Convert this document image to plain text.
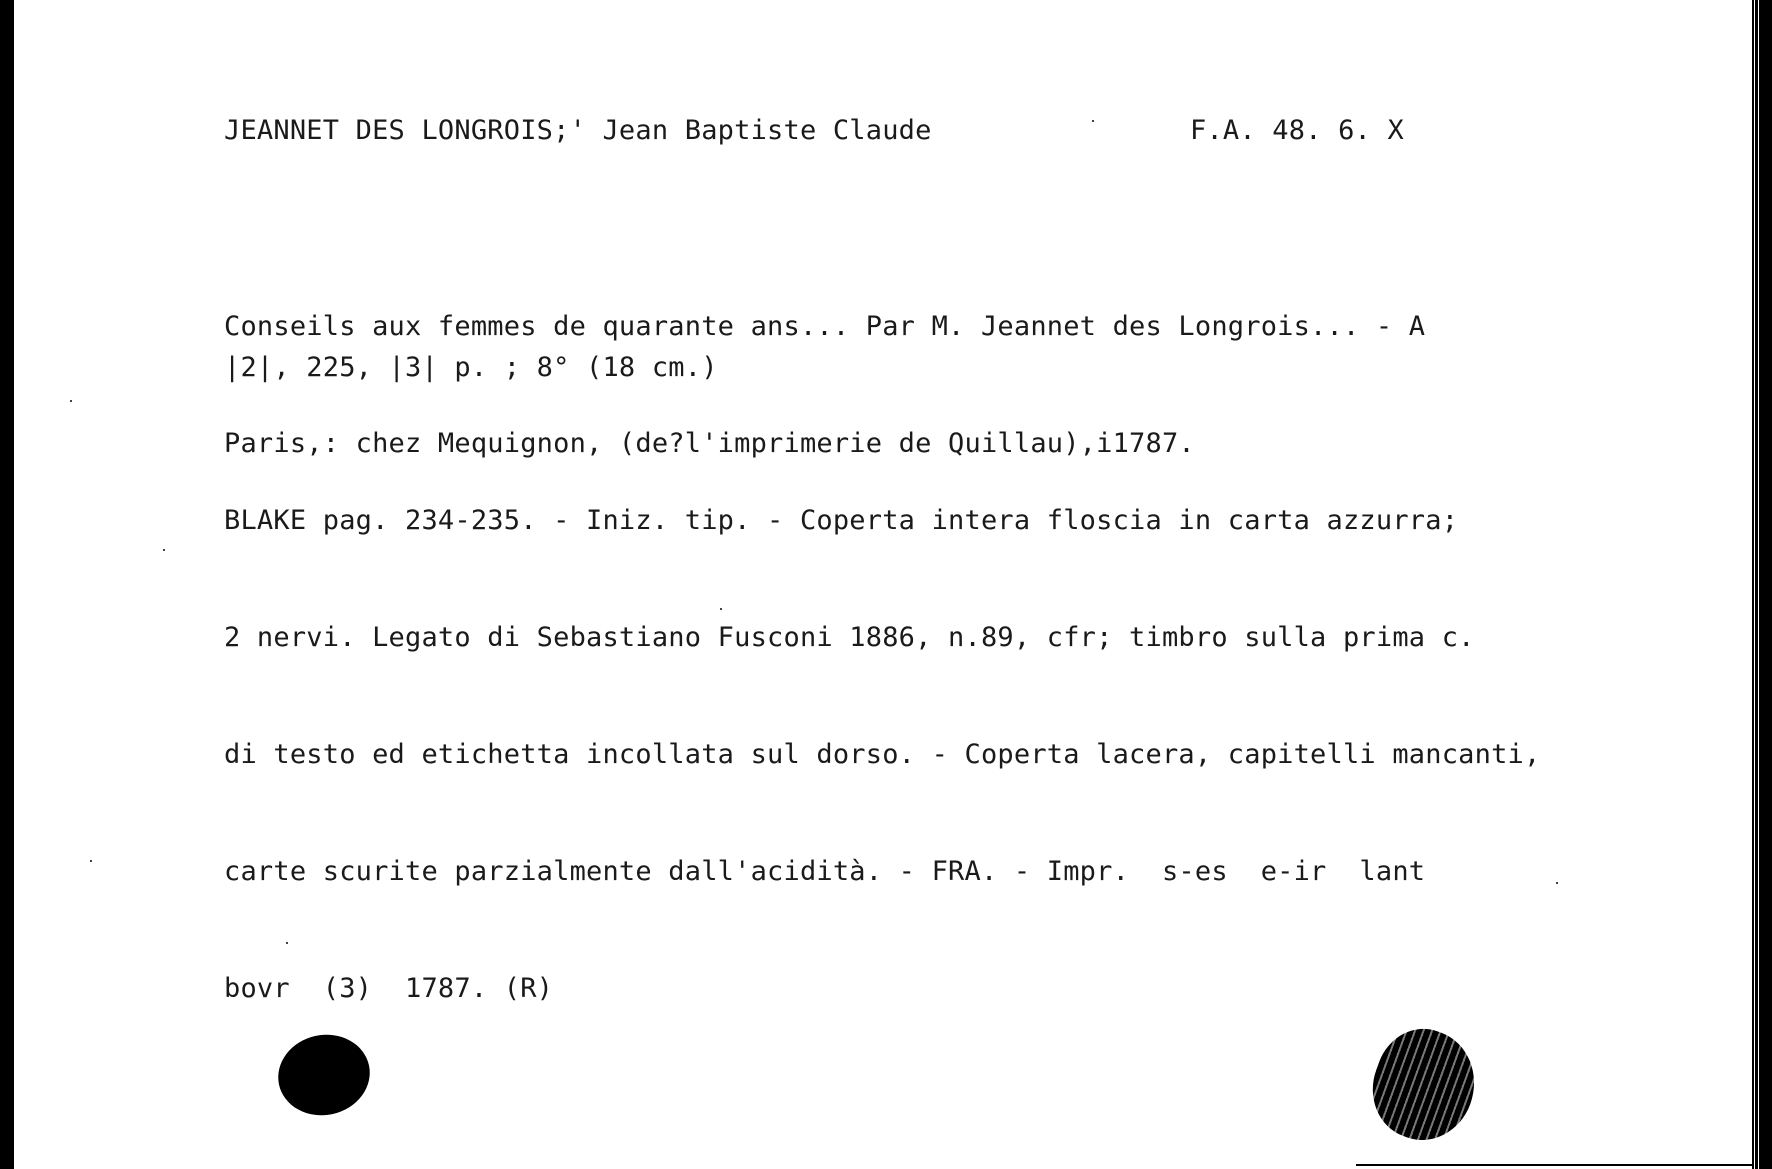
JEANNET DES LONGROIS;' Jean Baptiste Claude	F.A. 48. 6. X

Conseils aux femmes de quarante ans... Par M. Jeannet des Longrois... - A

Paris,: chez Mequignon, (de?l'imprimerie de Quillau),i1787.

|2|, 225, |3| p. ; 8° (18 cm.)

BLAKE pag. 234-235. - Iniz. tip. - Coperta intera floscia in carta azzurra;

2 nervi. Legato di Sebastiano Fusconi 1886, n.89, cfr; timbro sulla prima c.

di testo ed etichetta incollata sul dorso. - Coperta lacera, capitelli mancanti,

carte scurite parzialmente dall'acidità. - FRA. - Impr.  s-es  e-ir  lant

bovr  (3)  1787. (R)
